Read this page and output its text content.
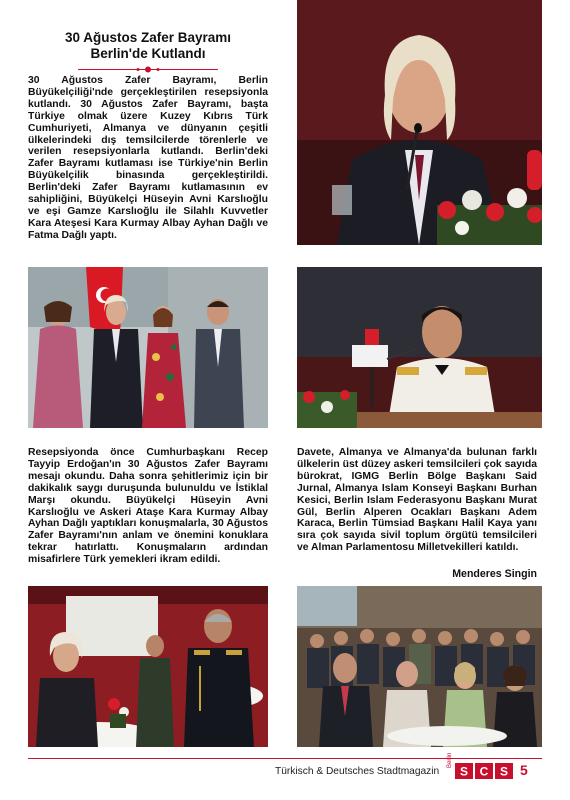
30 Ağustos Zafer Bayramı
Berlin'de Kutlandı

30 Ağustos Zafer Bayramı, Berlin Büyükelçiliği'nde gerçekleştirilen resepsiyonla kutlandı. 30 Ağustos Zafer Bayramı, başta Türkiye olmak üzere Kuzey Kıbrıs Türk Cumhuriyeti, Almanya ve dünyanın çeşitli ülkelerindeki dış temsilcilerde törenlerle ve verilen resepsiyonlarla kutlandı. Berlin'deki Zafer Bayramı kutlaması ise Türkiye'nin Berlin Büyükelçilik binasında gerçekleştirildi. Berlin'deki Zafer Bayramı kutlamasının ev sahipliğini, Büyükelçi Hüseyin Avni Karslıoğlu ve eşi Gamze Karslıoğlu ile Silahlı Kuvvetler Kara Ateşesi Kara Kurmay Albay Ayhan Dağlı ve Fatma Dağlı yaptı.

Resepsiyonda önce Cumhurbaşkanı Recep Tayyip Erdoğan'ın 30 Ağustos Zafer Bayramı mesajı okundu. Daha sonra şehitlerimiz için bir dakikalık saygı duruşunda bulunuldu ve İstiklal Marşı okundu. Büyükelçi Hüseyin Avni Karslıoğlu ve Askeri Ataşe Kara Kurmay Albay Ayhan Dağlı yaptıkları konuşmalarla, 30 Ağustos Zafer Bayramı'nın anlam ve önemini konuklara tekrar hatırlattı. Konuşmaların ardından misafirlere Türk yemekleri ikram edildi.

Davete, Almanya ve Almanya'da bulunan farklı ülkelerin üst düzey askeri temsilcileri çok sayıda bürokrat, IGMG Berlin Bölge Başkanı Said Jurnal, Almanya Islam Konseyi Başkanı Burhan Kesici, Berlin Islam Federasyonu Başkanı Murat Gül, Berlin Alperen Ocakları Başkanı Adem Karaca, Berlin Tümsiad Başkanı Halil Kaya yanı sıra çok sayıda sivil toplum örgütü temsilcileri ve Alman Parlamentosu Milletvekilleri katıldı.

Menderes Singin
Türkisch & Deutsches Stadtmagazin
Berlin
S C S 5
